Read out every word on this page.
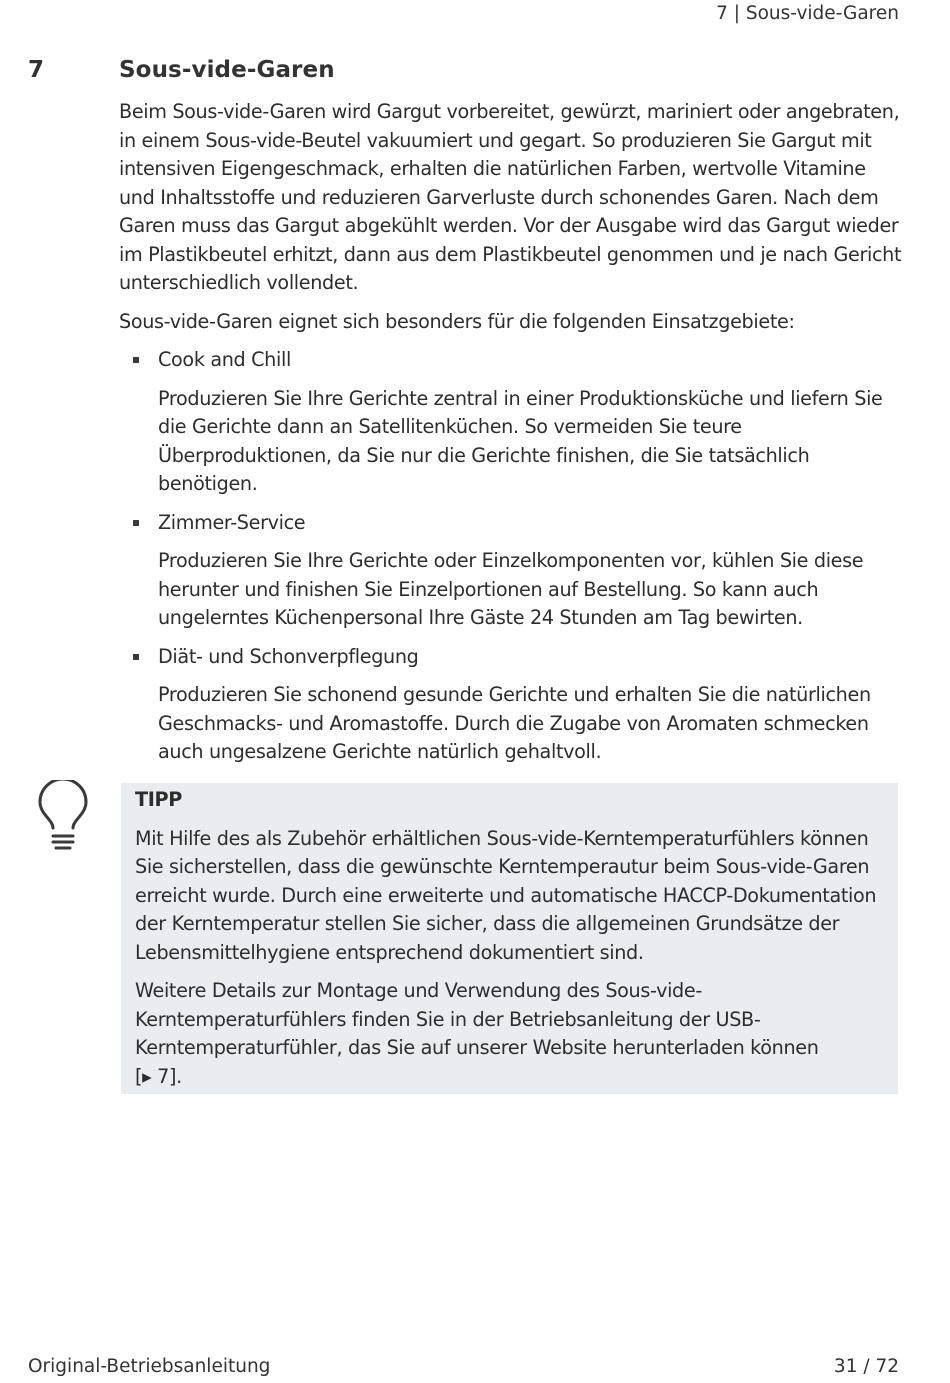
7 | Sous-vide-Garen
7	Sous-vide-Garen

Beim Sous-vide-Garen wird Gargut vorbereitet, gewürzt, mariniert oder angebraten, in einem Sous-vide-Beutel vakuumiert und gegart. So produzieren Sie Gargut mit intensiven Eigengeschmack, erhalten die natürlichen Farben, wertvolle Vitamine und Inhaltsstoffe und reduzieren Garverluste durch schonendes Garen. Nach dem Garen muss das Gargut abgekühlt werden. Vor der Ausgabe wird das Gargut wieder im Plastikbeutel erhitzt, dann aus dem Plastikbeutel genommen und je nach Gericht unterschiedlich vollendet.

Sous-vide-Garen eignet sich besonders für die folgenden Einsatzgebiete:

Cook and Chill

Produzieren Sie Ihre Gerichte zentral in einer Produktionsküche und liefern Sie die Gerichte dann an Satellitenküchen. So vermeiden Sie teure Überproduktionen, da Sie nur die Gerichte finishen, die Sie tatsächlich benötigen.

Zimmer-Service

Produzieren Sie Ihre Gerichte oder Einzelkomponenten vor, kühlen Sie diese herunter und finishen Sie Einzelportionen auf Bestellung. So kann auch ungelerntes Küchenpersonal Ihre Gäste 24 Stunden am Tag bewirten.

Diät- und Schonverpflegung

Produzieren Sie schonend gesunde Gerichte und erhalten Sie die natürlichen Geschmacks- und Aromastoffe. Durch die Zugabe von Aromaten schmecken auch ungesalzene Gerichte natürlich gehaltvoll.

TIPP

Mit Hilfe des als Zubehör erhältlichen Sous-vide-Kerntemperaturfühlers können Sie sicherstellen, dass die gewünschte Kerntemperautur beim Sous-vide-Garen erreicht wurde. Durch eine erweiterte und automatische HACCP-Dokumentation der Kerntemperatur stellen Sie sicher, dass die allgemeinen Grundsätze der Lebensmittelhygiene entsprechend dokumentiert sind.

Weitere Details zur Montage und Verwendung des Sous-vide-Kerntemperaturfühlers finden Sie in der Betriebsanleitung der USB-Kerntemperaturfühler, das Sie auf unserer Website herunterladen können
[▸ 7].

Original-Betriebsanleitung	31 / 72
